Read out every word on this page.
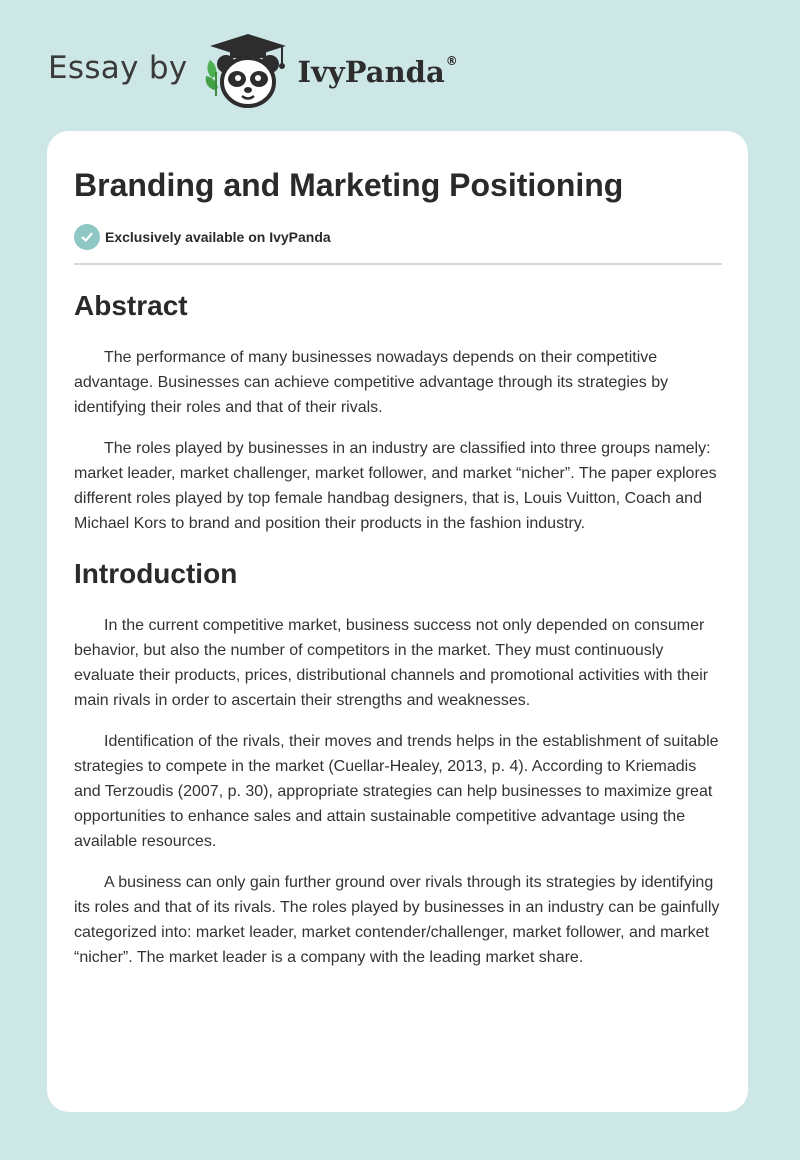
Essay by	IvyPanda®
Branding and Marketing Positioning
Exclusively available on IvyPanda
Abstract

The performance of many businesses nowadays depends on their competitive advantage. Businesses can achieve competitive advantage through its strategies by identifying their roles and that of their rivals.

The roles played by businesses in an industry are classified into three groups namely: market leader, market challenger, market follower, and market “nicher”. The paper explores different roles played by top female handbag designers, that is, Louis Vuitton, Coach and Michael Kors to brand and position their products in the fashion industry.

Introduction

In the current competitive market, business success not only depended on consumer behavior, but also the number of competitors in the market. They must continuously evaluate their products, prices, distributional channels and promotional activities with their main rivals in order to ascertain their strengths and weaknesses.

Identification of the rivals, their moves and trends helps in the establishment of suitable strategies to compete in the market (Cuellar-Healey, 2013, p. 4). According to Kriemadis and Terzoudis (2007, p. 30), appropriate strategies can help businesses to maximize great opportunities to enhance sales and attain sustainable competitive advantage using the available resources.

A business can only gain further ground over rivals through its strategies by identifying its roles and that of its rivals. The roles played by businesses in an industry can be gainfully categorized into: market leader, market contender/challenger, market follower, and market “nicher”. The market leader is a company with the leading market share.
